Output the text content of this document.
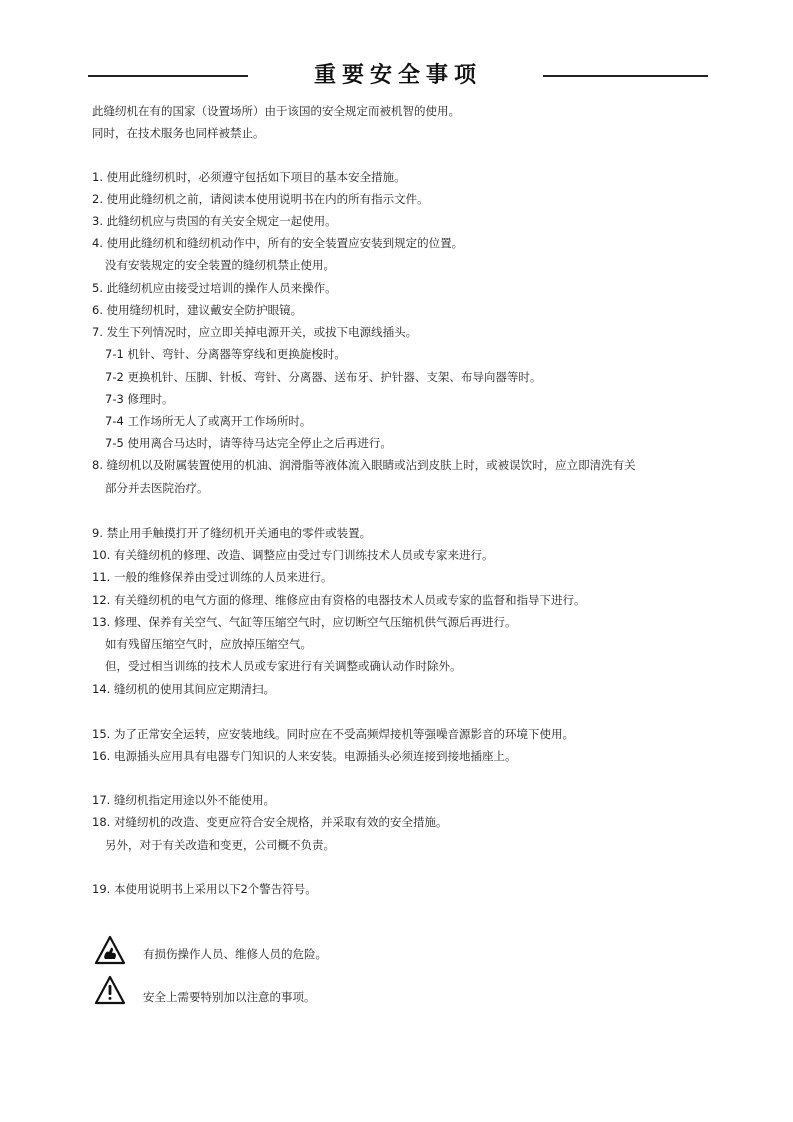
重要安全事项
此缝纫机在有的国家（设置场所）由于该国的安全规定而被机智的使用。
同时，在技术服务也同样被禁止。
1. 使用此缝纫机时，必须遵守包括如下项目的基本安全措施。
2. 使用此缝纫机之前，请阅读本使用说明书在内的所有指示文件。
3. 此缝纫机应与贵国的有关安全规定一起使用。
4. 使用此缝纫机和缝纫机动作中，所有的安全装置应安装到规定的位置。
没有安装规定的安全装置的缝纫机禁止使用。
5. 此缝纫机应由接受过培训的操作人员来操作。
6. 使用缝纫机时，建议戴安全防护眼镜。
7. 发生下列情况时，应立即关掉电源开关，或拔下电源线插头。
7-1 机针、弯针、分离器等穿线和更换旋梭时。
7-2 更换机针、压脚、针板、弯针、分离器、送布牙、护针器、支架、布导向器等时。
7-3 修理时。
7-4 工作场所无人了或离开工作场所时。
7-5 使用离合马达时，请等待马达完全停止之后再进行。
8. 缝纫机以及附属装置使用的机油、润滑脂等液体流入眼睛或沾到皮肤上时，或被误饮时，应立即清洗有关
部分并去医院治疗。
9. 禁止用手触摸打开了缝纫机开关通电的零件或装置。
10. 有关缝纫机的修理、改造、调整应由受过专门训练技术人员或专家来进行。
11. 一般的维修保养由受过训练的人员来进行。
12. 有关缝纫机的电气方面的修理、维修应由有资格的电器技术人员或专家的监督和指导下进行。
13. 修理、保养有关空气、气缸等压缩空气时，应切断空气压缩机供气源后再进行。
如有残留压缩空气时，应放掉压缩空气。
但，受过相当训练的技术人员或专家进行有关调整或确认动作时除外。
14. 缝纫机的使用其间应定期清扫。
15. 为了正常安全运转，应安装地线。同时应在不受高频焊接机等强噪音源影音的环境下使用。
16. 电源插头应用具有电器专门知识的人来安装。电源插头必须连接到接地插座上。
17. 缝纫机指定用途以外不能使用。
18. 对缝纫机的改造、变更应符合安全规格，并采取有效的安全措施。
另外，对于有关改造和变更，公司概不负责。
19. 本使用说明书上采用以下2个警告符号。
有损伤操作人员、维修人员的危险。
安全上需要特别加以注意的事项。
